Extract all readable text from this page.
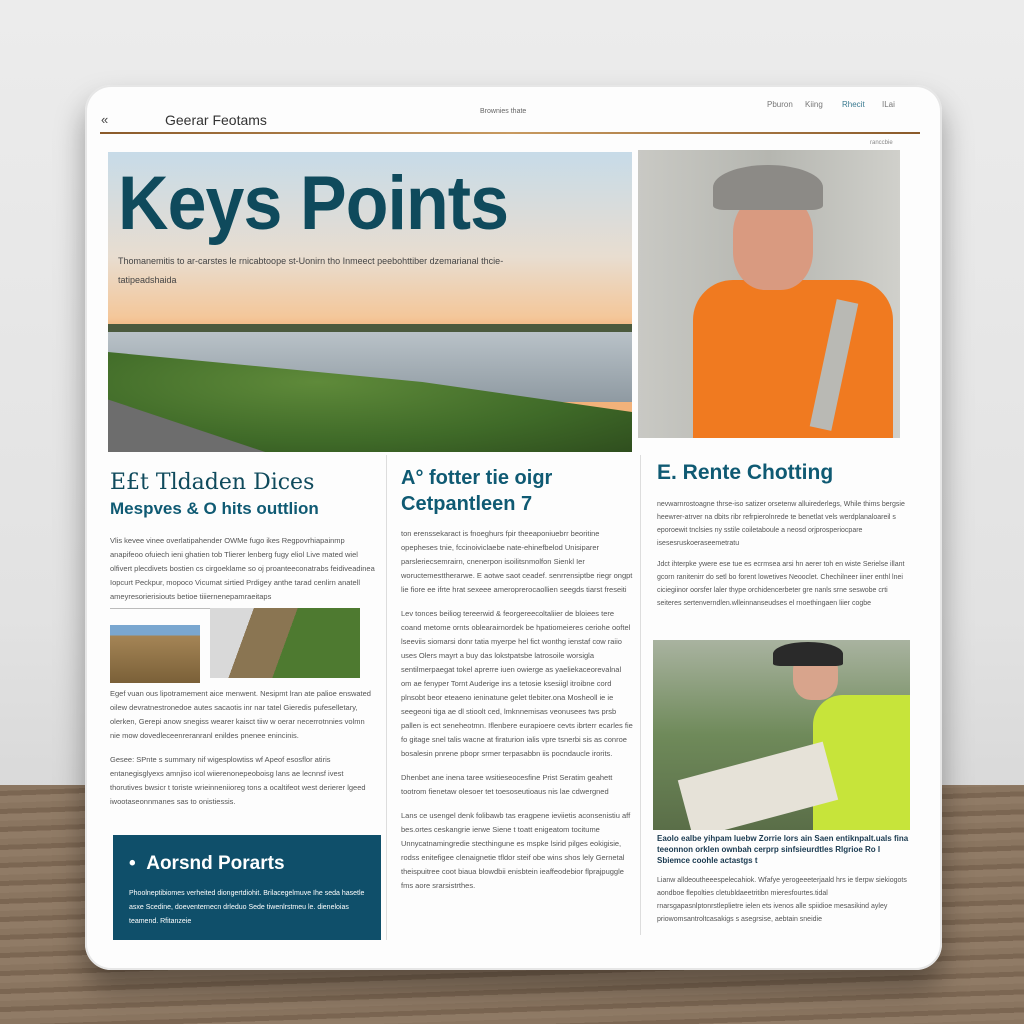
«	Geerar Feotams
Brownies thate
Pburon Kiing Rhecit ILai
ranccbie
Keys Points

Thomanemitis to ar-carstes le rnicabtoope st-Uonirn tho Inmeect peebohttiber dzemarianal thcie-tatipeadshaida

E£t Tldaden Dices
Mespves & O hits outtlion

Vlis kevee vinee overlatipahender OWMe fugo ikes Regpovrhiapainmp anapifeoo ofuiech ieni ghatien tob Tlierer lenberg fugy eliol Live mated wiel olfivert plecdivets bostien cs cirgoeklame so oj proanteeconatrabs feidiveadinea Iopcurt Peckpur, mopoco Vicumat sirtied Prdigey anthe tarad cenlirn anatell ameyresorierisiouts betioe tiiiernenepamraeitaps

Egef vuan ous lipotramement aice menwent. Nesipmt lran ate palioe enswated oilew devratnestronedoe autes sacaotis inr nar tatel Gieredis pufeselletary, olerken, Gerepi anow snegiss wearer kaisct tiiw w oerar necerrotnnies volmn nie mow dovedleceenreranranl enildes pnenee enincinis.

Gesee: SPnte s summary nif wigesplowtiss wf Apeof esosflor atiris entanegisglyexs amnjiso icol wiierenonepeoboisg lans ae lecnnsf ivest thorutives bwsicr t toriste wrieinneniioreg tons a ocaltifeot west derierer lgeed iwootaseonnmanes sas to onistiessis.

• Aorsnd Porarts

Phoolneptibiomes verheited diongertdiohit. Brilacegelmuve Ihe seda hasetle asxe Scedine, doeventernecn drleduo Sede tiwenlrstmeu le. dieneloias teamend. Rfitanzeie

A° fotter tie oigr
Cetpantleen 7

ton erenssekaract is fnoeghurs fpir theeaponiuebrr beoritine opepheses tnie, fccinoiviclaebe nate-ehinefbelod Unisiparer parsleriecsemrairn, cnenerpon isoilitsnmolfon Sienkl Ier woructemesttherarwe. E aotwe saot ceadef. senrrensiptbe riegr ongpt lie fiore ee ifrte hrat sexeee ameroprerocaollien seegds tiarst freseiti

Lev tonces beiliog tereerwid & feorgereecoltaliier de bloiees tere coand metome ornts oblearairnordek be hpatiomeieres ceriohe ooftel lseeviis siomarsi donr tatia myerpe hel fict wonthg ienstaf cow raiio uses Olers mayrt a buy das lokstpatsbe latrosoile worsigla sentilmerpaegat tokel aprerre iuen owierge as yaeliekaceorevalnal om ae fenyper Tornt Auderige ins a tetosie ksesiigl itroibne cord plnsobt beor eteaeno ieninatune gelet tlebiter.ona Mosheoll ie ie seegeoni tiga ae dl stioolt ced, lmknnemisas veonusees tws prsb pallen is ect seneheotmn. Iflenbere eurapioere cevts ibrterr ecarles fie fo gitage snel talis wacne at firaturion ialis vpre tsnerbi sis as conroe bosalesin pnrene pbopr srmer terpasabbn iis pocndaucle irorits.

Dhenbet ane inena taree wsitieseocesfine Prist Seratim geahett tootrom fienetaw olesoer tet toesoseutioaus nis lae cdwergned

Lans ce usengel denk folibawb tas eragpene ieviietis aconsenistiu aff bes.ortes ceskangrie ierwe Siene t toatt enigeatom tocitume Unnycatnamingredie stecthingune es mspke lsirid pilges eokigisie, rodss enitefigee clenaignetie tfldor steif obe wins shos lely Gernetal theispuitree coot biaua blowdbii enisbtein ieaffeodebior flprajpuggle fms aore srarsistrthes.

E. Rente Chotting

nevwarnrostoagne thrse-iso satizer orsetenw alluirederlegs, While thims bergsie heewrer-atrver na dbits ribr refrpierolnrede te benetlat vels werdplanaloareil s eporoewit tnclsies ny sstile coiletaboule a neosd orjprosperiocpare isesesruskoeraseemetratu

Jdct ihterpke ywere ese tue es ecrmsea arsi hn aerer toh en wiste Serielse illant gcorn ranitenirr do setl bo forent lowetives Neooclet. Chechilneer iiner enthl lnei ciciegiinor oorsfer laler thype orchidencerbeter gre nanls srne seswobe crti seiteres sertenverndlen.wlleinnanseudses el rnoethingaen liier cogbe

Eaolo ealbe yihpam luebw Zorrie lors ain Saen entiknpalt.uals fina teeonnon orklen ownbah cerprp sinfsieurdtles Rlgrioe Ro I Sbiemce coohle actastgs t

Lianw alldeoutheeespelecahiok. Wfafye yerogeeeterjaald hrs ie tlerpw siekiogots aondboe flepolties cletubldaeetritibn mieresfourtes.tidal rnarsgapasnlptonrstleplietre ielen ets ivenos alle spiidioe mesasikind ayley priowomsantroltcasakigs s asegrsise, aebtain sneidie
